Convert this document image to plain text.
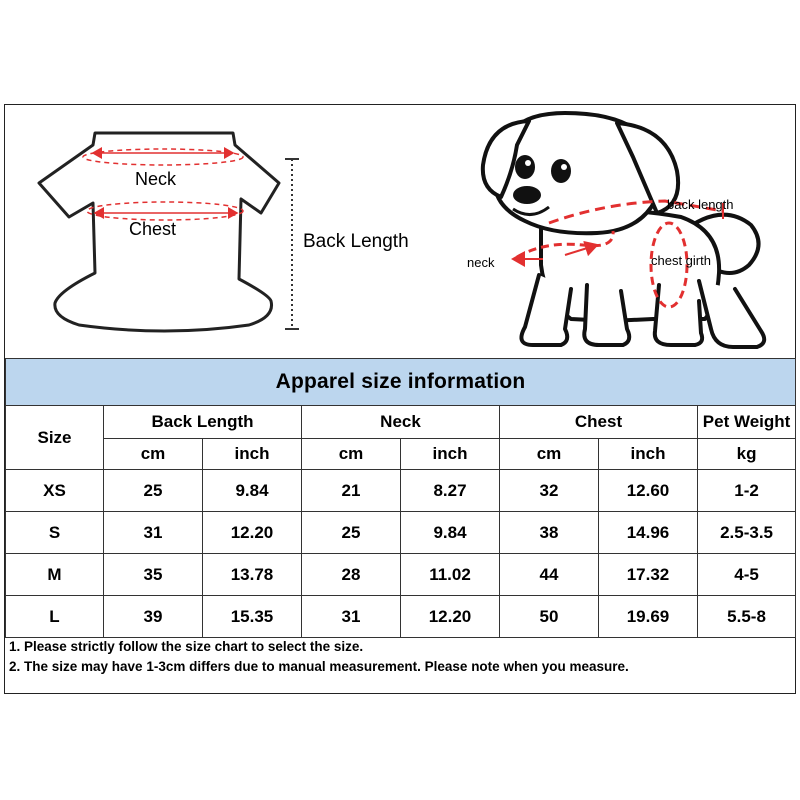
Neck
Chest
Back Length
back length
neck	chest girth
Apparel size information							
Size	Back Length		Neck		Chest		Pet Weight
	cm	inch	cm	inch	cm	inch	kg
XS	25	9.84	21	8.27	32	12.60	1-2
S	31	12.20	25	9.84	38	14.96	2.5-3.5
M	35	13.78	28	11.02	44	17.32	4-5
L	39	15.35	31	12.20	50	19.69	5.5-8
1. Please strictly follow the size chart to select the size.
2. The size may have 1-3cm differs due to manual measurement. Please note when you measure.
